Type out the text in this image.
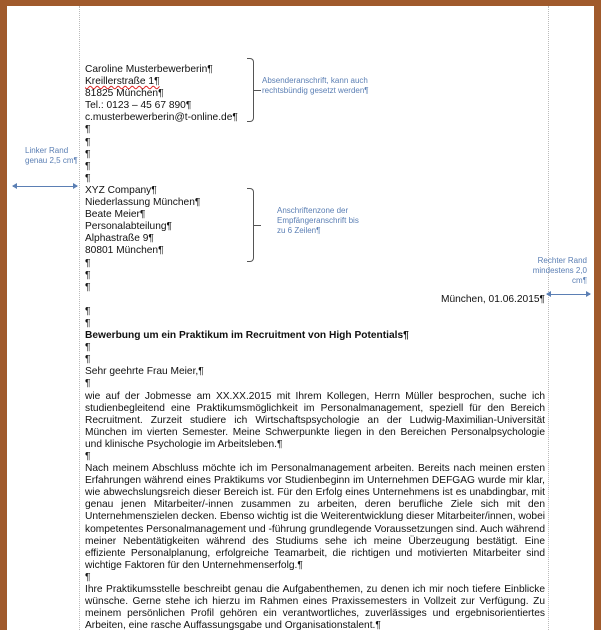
Absenderanschrift, kann auch rechtsbündig gesetzt werden¶
Anschriftenzone der Empfängeranschrift bis zu 6 Zeilen¶
Linker Rand genau 2,5 cm¶
Rechter Rand mindestens 2,0 cm¶
Caroline Musterbewerberin¶
Kreillerstraße 1¶
81825 München¶
Tel.: 0123 – 45 67 890¶
c.musterbewerberin@t-online.de¶
¶
¶
¶
¶
¶
XYZ Company¶
Niederlassung München¶
Beate Meier¶
Personalabteilung¶
Alphastraße 9¶
80801 München¶
¶
¶
¶
München, 01.06.2015¶
¶
¶
Bewerbung um ein Praktikum im Recruitment von High Potentials¶
¶
¶
Sehr geehrte Frau Meier,¶
¶
wie auf der Jobmesse am XX.XX.2015 mit Ihrem Kollegen, Herrn Müller besprochen, suche ich studienbegleitend eine Praktikumsmöglichkeit im Personalmanagement, speziell für den Bereich Recruitment. Zurzeit studiere ich Wirtschaftspsychologie an der Ludwig-Maximilian-Universität München im vierten Semester. Meine Schwerpunkte liegen in den Bereichen Personalpsychologie und klinische Psychologie im Arbeitsleben.¶
¶
Nach meinem Abschluss möchte ich im Personalmanagement arbeiten. Bereits nach meinen ersten Erfahrungen während eines Praktikums vor Studienbeginn im Unternehmen DEFGAG wurde mir klar, wie abwechslungsreich dieser Bereich ist. Für den Erfolg eines Unternehmens ist es unabdingbar, mit genau jenen Mitarbeiter/-innen zusammen zu arbeiten, deren berufliche Ziele sich mit den Unternehmenszielen decken. Ebenso wichtig ist die Weiterentwicklung dieser Mitarbeiter/innen, wobei kompetentes Personalmanagement und -führung grundlegende Voraussetzungen sind. Auch während meiner Nebentätigkeiten während des Studiums sehe ich meine Überzeugung bestätigt. Eine effiziente Personalplanung, erfolgreiche Teamarbeit, die richtigen und motivierten Mitarbeiter sind wichtige Faktoren für den Unternehmenserfolg.¶
¶
Ihre Praktikumsstelle beschreibt genau die Aufgabenthemen, zu denen ich mir noch tiefere Einblicke wünsche. Gerne stehe ich hierzu im Rahmen eines Praxissemesters in Vollzeit zur Verfügung. Zu meinem persönlichen Profil gehören ein verantwortliches, zuverlässiges und ergebnisorientiertes Arbeiten, eine rasche Auffassungsgabe und Organisationstalent.¶
